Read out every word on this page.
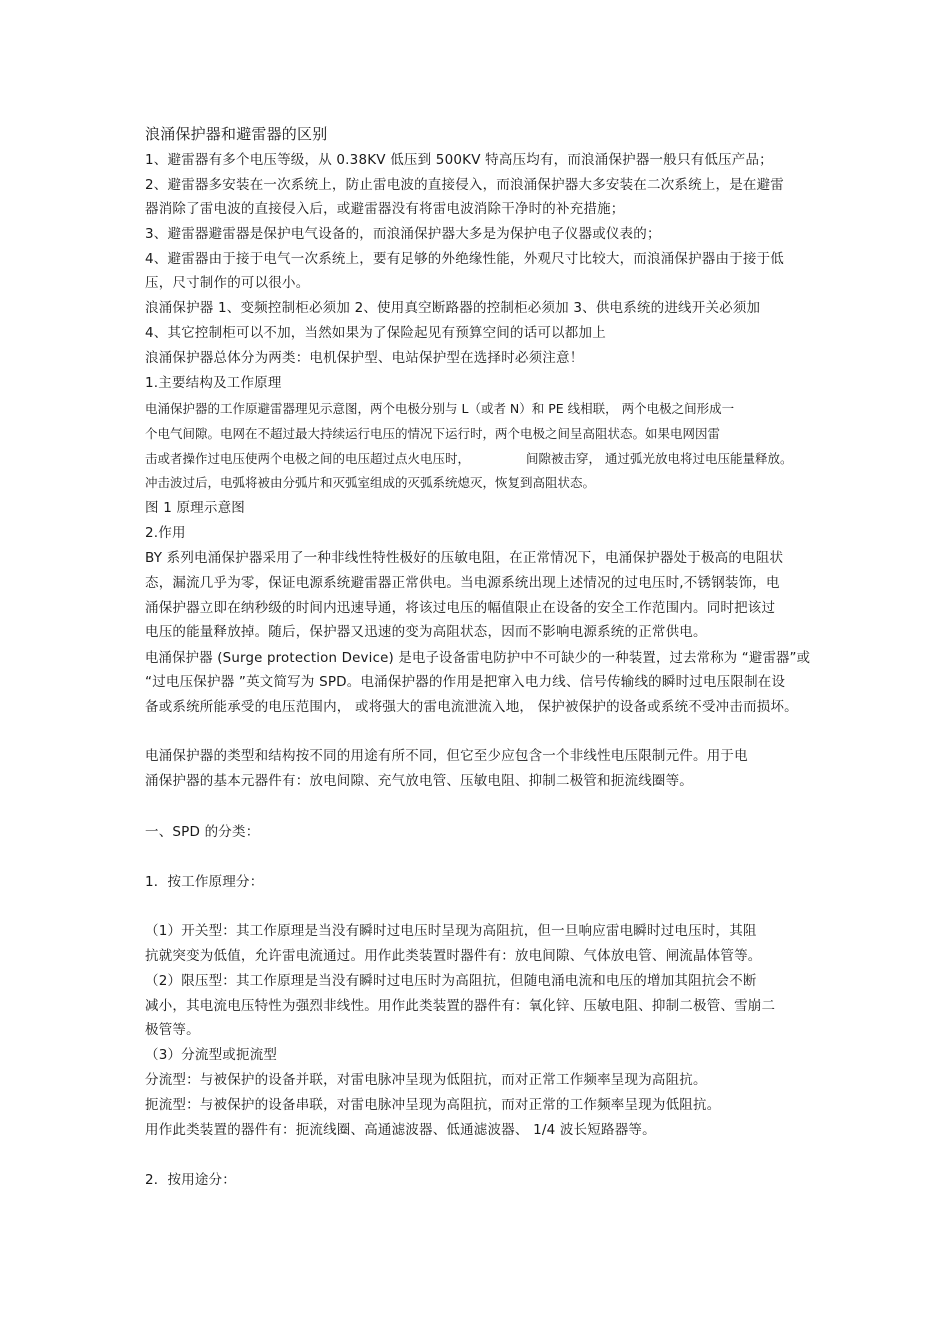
浪涌保护器和避雷器的区别
1、避雷器有多个电压等级，从 0.38KV 低压到 500KV 特高压均有，而浪涌保护器一般只有低压产品；
2、避雷器多安装在一次系统上，防止雷电波的直接侵入，而浪涌保护器大多安装在二次系统上，是在避雷
器消除了雷电波的直接侵入后，或避雷器没有将雷电波消除干净时的补充措施；
3、避雷器避雷器是保护电气设备的，而浪涌保护器大多是为保护电子仪器或仪表的；
4、避雷器由于接于电气一次系统上，要有足够的外绝缘性能，外观尺寸比较大，而浪涌保护器由于接于低
压，尺寸制作的可以很小。
浪涌保护器 1、变频控制柜必须加 2、使用真空断路器的控制柜必须加 3、供电系统的进线开关必须加
4、其它控制柜可以不加，当然如果为了保险起见有预算空间的话可以都加上
浪涌保护器总体分为两类：电机保护型、电站保护型在选择时必须注意！
1.主要结构及工作原理
电涌保护器的工作原避雷器理见示意图，两个电极分别与 L（或者 N）和 PE 线相联， 两个电极之间形成一
个电气间隙。电网在不超过最大持续运行电压的情况下运行时，两个电极之间呈高阻状态。如果电网因雷
击或者操作过电压使两个电极之间的电压超过点火电压时，	间隙被击穿， 通过弧光放电将过电压能量释放。
冲击波过后，电弧将被由分弧片和灭弧室组成的灭弧系统熄灭，恢复到高阻状态。
图 1 原理示意图
2.作用
BY 系列电涌保护器采用了一种非线性特性极好的压敏电阻，在正常情况下，电涌保护器处于极高的电阻状
态，漏流几乎为零，保证电源系统避雷器正常供电。当电源系统出现上述情况的过电压时,不锈钢装饰，电
涌保护器立即在纳秒级的时间内迅速导通，将该过电压的幅值限止在设备的安全工作范围内。同时把该过
电压的能量释放掉。随后，保护器又迅速的变为高阻状态，因而不影响电源系统的正常供电。
电涌保护器 (Surge protection Device) 是电子设备雷电防护中不可缺少的一种装置，过去常称为 “避雷器”或
“过电压保护器 ”英文简写为 SPD。电涌保护器的作用是把窜入电力线、信号传输线的瞬时过电压限制在设
备或系统所能承受的电压范围内， 或将强大的雷电流泄流入地， 保护被保护的设备或系统不受冲击而损坏。
电涌保护器的类型和结构按不同的用途有所不同，但它至少应包含一个非线性电压限制元件。用于电
涌保护器的基本元器件有：放电间隙、充气放电管、压敏电阻、抑制二极管和扼流线圈等。
一、SPD 的分类：
1．按工作原理分：
（1）开关型：其工作原理是当没有瞬时过电压时呈现为高阻抗，但一旦响应雷电瞬时过电压时，其阻
抗就突变为低值，允许雷电流通过。用作此类装置时器件有：放电间隙、气体放电管、闸流晶体管等。
（2）限压型：其工作原理是当没有瞬时过电压时为高阻抗，但随电涌电流和电压的增加其阻抗会不断
减小，其电流电压特性为强烈非线性。用作此类装置的器件有：氧化锌、压敏电阻、抑制二极管、雪崩二
极管等。
（3）分流型或扼流型
分流型：与被保护的设备并联，对雷电脉冲呈现为低阻抗，而对正常工作频率呈现为高阻抗。
扼流型：与被保护的设备串联，对雷电脉冲呈现为高阻抗，而对正常的工作频率呈现为低阻抗。
用作此类装置的器件有：扼流线圈、高通滤波器、低通滤波器、 1/4 波长短路器等。
2．按用途分：
